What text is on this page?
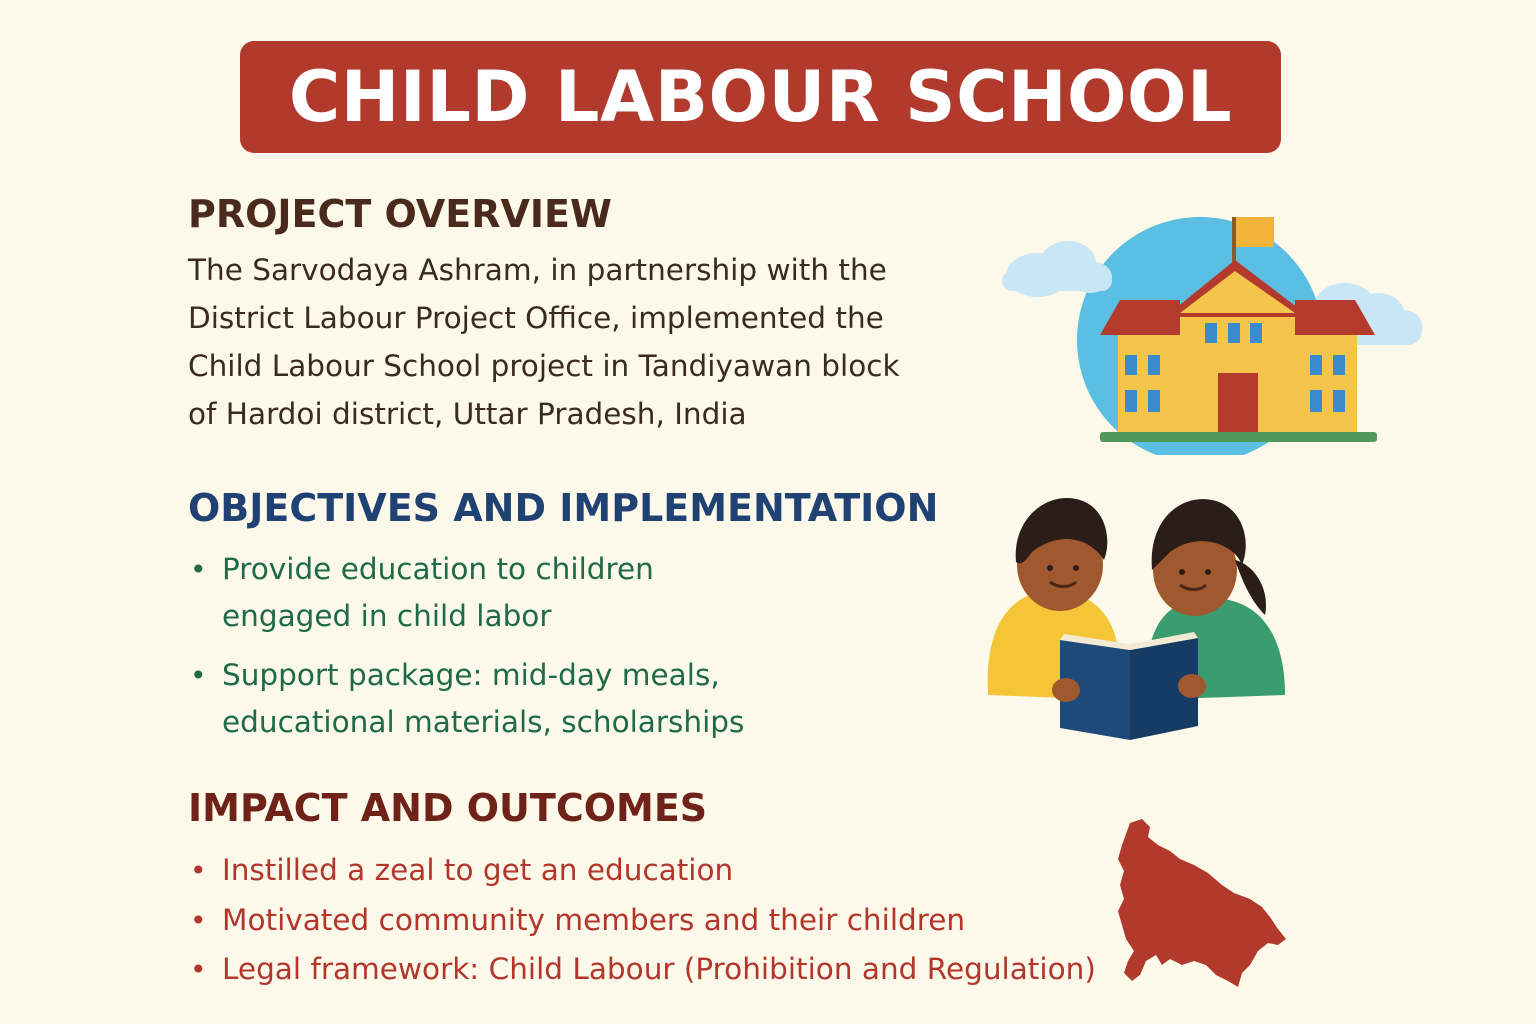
CHILD LABOUR SCHOOL
PROJECT OVERVIEW

The Sarvodaya Ashram, in partnership with the
District Labour Project Office, implemented the
Child Labour School project in Tandiyawan block
of Hardoi district, Uttar Pradesh, India

OBJECTIVES AND IMPLEMENTATION
• Provide education to children
engaged in child labor
• Support package: mid-day meals,
educational materials, scholarships
IMPACT AND OUTCOMES
• Instilled a zeal to get an education
• Motivated community members and their children
• Legal framework: Child Labour (Prohibition and Regulation)
